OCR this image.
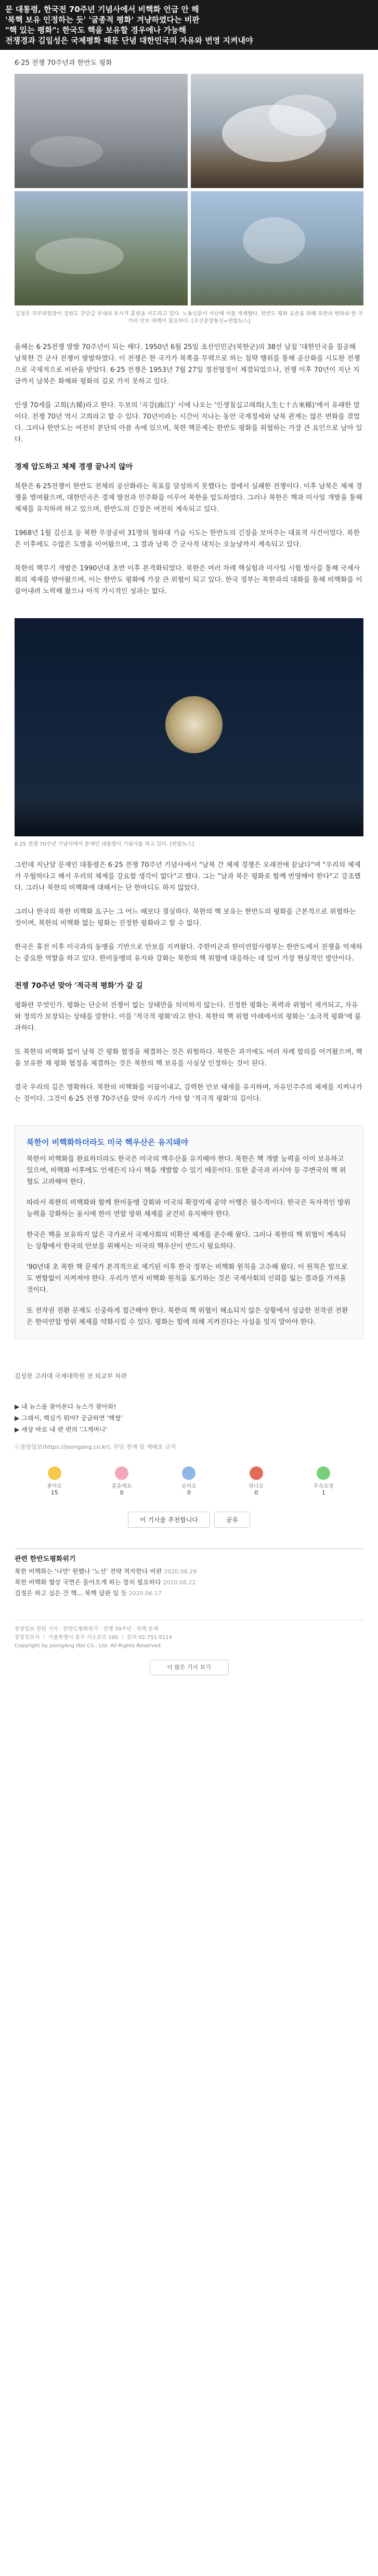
문 대통령, 한국전 70주년 기념사에서 비핵화 언급 안 해
'북핵 보유 인정하는 듯' '굴종적 평화' 겨냥하였다는 비판
"핵 있는 평화": 한국도 핵을 보유할 경우에나 가능해
전쟁경과 김일성은 국제평화 때문 단념 대한민국의 자유와 번영 지켜내야
6·25 전쟁 70주년과 한반도 평화
김정은 국무위원장이 강원도 군단급 부대의 포사격 훈련을 지도하고 있다. 노동신문이 지난해 이를 게재했다. 한반도 평화 공존을 위해 북한의 변화와 한 국가의 안보 대책이 필요하다. [조선중앙통신=연합뉴스]

올해는 6·25전쟁 발발 70주년이 되는 해다. 1950년 6월 25일 조선인민군(북한군)의 38선 남침 '대한민국을 침공해 남북한 간 군사 전쟁이 발발하였다. 이 전쟁은 한 국가가 북쪽을 무력으로 하는 침략 행위를 통해 공산화를 시도한 전쟁으로 국제적으로 비판을 받았다. 6·25 전쟁은 1953년 7월 27일 정전협정이 체결되었으나, 전쟁 이후 70년이 지난 지금까지 남북은 화해와 평화의 길로 가지 못하고 있다.

인생 70세를 고희(古稀)라고 한다. 두보의 '곡강(曲江)' 시에 나오는 '인생칠십고래희(人生七十古來稀)'에서 유래한 말이다. 전쟁 70년 역시 고희라고 할 수 있다. 70년이라는 시간이 지나는 동안 국제정세와 남북 관계는 많은 변화를 겪었다. 그러나 한반도는 여전히 분단의 아픔 속에 있으며, 북한 핵문제는 한반도 평화를 위협하는 가장 큰 요인으로 남아 있다.

경제 압도하고 체제 경쟁 끝나지 않아

북한은 6·25전쟁이 한반도 전체의 공산화라는 목표를 달성하지 못했다는 점에서 실패한 전쟁이다. 이후 남북은 체제 경쟁을 벌여왔으며, 대한민국은 경제 발전과 민주화를 이루어 북한을 압도하였다. 그러나 북한은 핵과 미사일 개발을 통해 체제를 유지하려 하고 있으며, 한반도의 긴장은 여전히 계속되고 있다.

1968년 1월 김신조 등 북한 무장공비 31명의 청와대 기습 시도는 한반도의 긴장을 보여주는 대표적 사건이었다. 북한은 이후에도 수많은 도발을 이어왔으며, 그 결과 남북 간 군사적 대치는 오늘날까지 계속되고 있다.

북한의 핵무기 개발은 1990년대 초반 이후 본격화되었다. 북한은 여러 차례 핵실험과 미사일 시험 발사를 통해 국제사회의 제재를 받아왔으며, 이는 한반도 평화에 가장 큰 위협이 되고 있다. 한국 정부는 북한과의 대화를 통해 비핵화를 이끌어내려 노력해 왔으나 아직 가시적인 성과는 없다.

6·25 전쟁 70주년 기념식에서 문재인 대통령이 기념사를 하고 있다. [연합뉴스]

그런데 지난달 문재인 대통령은 6·25 전쟁 70주년 기념사에서 "남북 간 체제 경쟁은 오래전에 끝났다"며 "우리의 체제가 우월하다고 해서 우리의 체제를 강요할 생각이 없다"고 했다. 그는 "남과 북은 평화로 함께 번영해야 한다"고 강조했다. 그러나 북한의 비핵화에 대해서는 단 한마디도 하지 않았다.

그러나 한국의 북한 비핵화 요구는 그 어느 때보다 절실하다. 북한의 핵 보유는 한반도의 평화를 근본적으로 위협하는 것이며, 북한의 비핵화 없는 평화는 진정한 평화라고 할 수 없다.

한국은 휴전 이후 미국과의 동맹을 기반으로 안보를 지켜왔다. 주한미군과 한미연합사령부는 한반도에서 전쟁을 억제하는 중요한 역할을 하고 있다. 한미동맹의 유지와 강화는 북한의 핵 위협에 대응하는 데 있어 가장 현실적인 방안이다.

전쟁 70주년 맞아 '적극적 평화'가 갈 길

평화란 무엇인가. 평화는 단순히 전쟁이 없는 상태만을 의미하지 않는다. 진정한 평화는 폭력과 위협이 제거되고, 자유와 정의가 보장되는 상태를 말한다. 이를 '적극적 평화'라고 한다. 북한의 핵 위협 아래에서의 평화는 '소극적 평화'에 불과하다.

또 북한의 비핵화 없이 남북 간 평화 협정을 체결하는 것은 위험하다. 북한은 과거에도 여러 차례 합의를 어겨왔으며, 핵을 보유한 채 평화 협정을 체결하는 것은 북한의 핵 보유를 사실상 인정하는 것이 된다.

결국 우리의 길은 명확하다. 북한의 비핵화를 이끌어내고, 강력한 안보 태세를 유지하며, 자유민주주의 체제를 지켜나가는 것이다. 그것이 6·25 전쟁 70주년을 맞아 우리가 가야 할 '적극적 평화'의 길이다.

북한이 비핵화하더라도 미국 핵우산은 유지돼야

북한이 비핵화를 완료하더라도 한국은 미국의 핵우산을 유지해야 한다. 북한은 핵 개발 능력을 이미 보유하고 있으며, 비핵화 이후에도 언제든지 다시 핵을 개발할 수 있기 때문이다. 또한 중국과 러시아 등 주변국의 핵 위협도 고려해야 한다.

따라서 북한의 비핵화와 함께 한미동맹 강화와 미국의 확장억제 공약 이행은 필수적이다. 한국은 독자적인 방위 능력을 강화하는 동시에 한미 연합 방위 체제를 굳건히 유지해야 한다.

한국은 핵을 보유하지 않은 국가로서 국제사회의 비확산 체제를 준수해 왔다. 그러나 북한의 핵 위협이 계속되는 상황에서 한국의 안보를 위해서는 미국의 핵우산이 반드시 필요하다.

'90년대 초 북한 핵 문제가 본격적으로 제기된 이후 한국 정부는 비핵화 원칙을 고수해 왔다. 이 원칙은 앞으로도 변함없이 지켜져야 한다. 우리가 먼저 비핵화 원칙을 포기하는 것은 국제사회의 신뢰를 잃는 결과를 가져올 것이다.

또 전작권 전환 문제도 신중하게 접근해야 한다. 북한의 핵 위협이 해소되지 않은 상황에서 성급한 전작권 전환은 한미연합 방위 체제를 약화시킬 수 있다. 평화는 힘에 의해 지켜진다는 사실을 잊지 말아야 한다.

김성한 고려대 국제대학원 전 외교부 차관
▶ 내 뉴스를 찾아본다 뉴스가 찾아와!
▶ 그래서, 핵심가 뭐야? 궁금하면 '핵썰'
▶ 세상 바로 내 편 편의 '그게머니'
ⓒ중앙일보(https://joongang.co.kr), 무단 전재 및 재배포 금지
좋아요
15
훈훈해요
0
슬퍼요
0
화나요
0
후속요청
1
이 기사를 추천합니다	공유
관련 한반도평화위기
북한 비핵화는 '나만' 원했나 '노선' 전략 적자한다 비판 2020.06.29
북한 비핵화 협상 국면은 돌아오게 하는 장치 필요하다 2020.06.22
김정은 하고 싶은 건 핵... 북핵 담판 일 듯 2020.06.17
중앙일보 관련 기사 · 한반도평화위기 · 전쟁 70주년 · 북핵 문제
중앙일보사 ｜ 서울특별시 중구 서소문로 100 ｜ 문의 02-751-5114
Copyright by JoongAng Ilbo Co., Ltd. All Rights Reserved
더 많은 기사 보기
